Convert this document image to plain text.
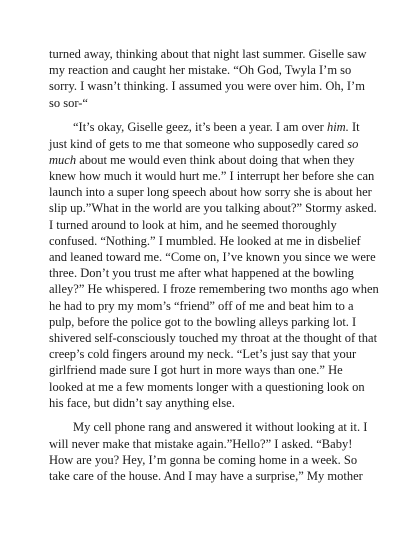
turned away, thinking about that night last summer. Giselle saw my reaction and caught her mistake. “Oh God, Twyla I’m so sorry. I wasn’t thinking. I assumed you were over him. Oh, I’m so sor-“

“It’s okay, Giselle geez, it’s been a year. I am over him. It just kind of gets to me that someone who supposedly cared so much about me would even think about doing that when they knew how much it would hurt me.” I interrupt her before she can launch into a super long speech about how sorry she is about her slip up.”What in the world are you talking about?” Stormy asked. I turned around to look at him, and he seemed thoroughly confused. “Nothing.” I mumbled. He looked at me in disbelief and leaned toward me. “Come on, I’ve known you since we were three. Don’t you trust me after what happened at the bowling alley?” He whispered. I froze remembering two months ago when he had to pry my mom’s “friend” off of me and beat him to a pulp, before the police got to the bowling alleys parking lot. I shivered self-consciously touched my throat at the thought of that creep’s cold fingers around my neck. “Let’s just say that your girlfriend made sure I got hurt in more ways than one.” He looked at me a few moments longer with a questioning look on his face, but didn’t say anything else.

My cell phone rang and answered it without looking at it. I will never make that mistake again.”Hello?” I asked. “Baby! How are you? Hey, I’m gonna be coming home in a week. So take care of the house. And I may have a surprise,” My mother
